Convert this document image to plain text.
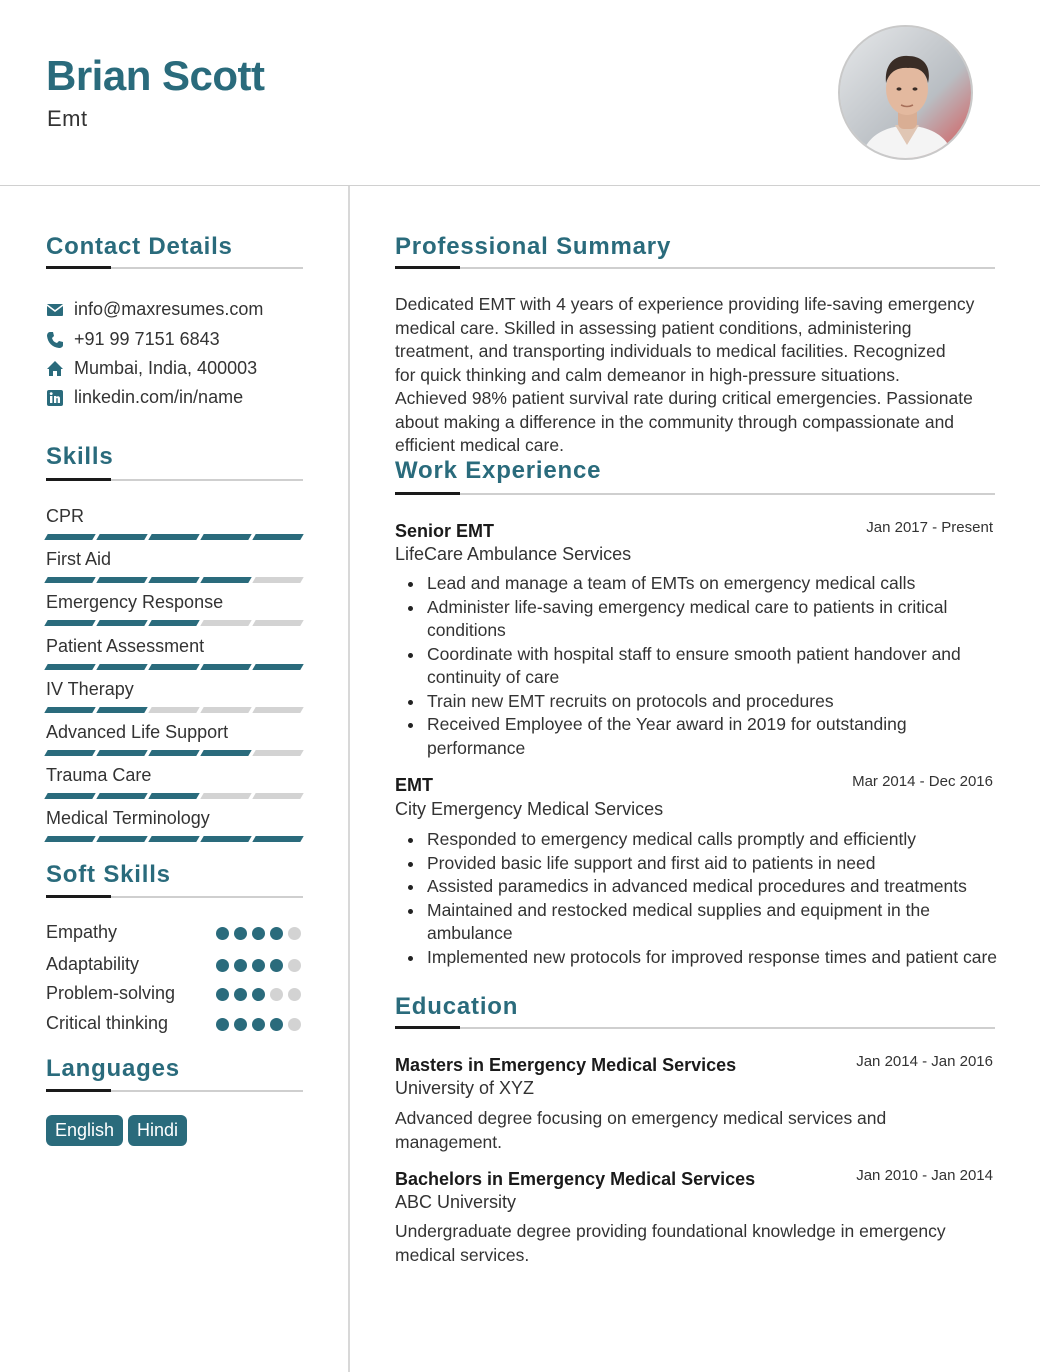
Brian Scott
Emt
Contact Details
info@maxresumes.com
+91 99 7151 6843
Mumbai, India, 400003
linkedin.com/in/name
Skills
CPR
First Aid
Emergency Response
Patient Assessment
IV Therapy
Advanced Life Support
Trauma Care
Medical Terminology
Soft Skills
Empathy
Adaptability
Problem-solving
Critical thinking
Languages
English	Hindi
Professional Summary
Dedicated EMT with 4 years of experience providing life-saving emergency
medical care. Skilled in assessing patient conditions, administering
treatment, and transporting individuals to medical facilities. Recognized
for quick thinking and calm demeanor in high-pressure situations.
Achieved 98% patient survival rate during critical emergencies. Passionate
about making a difference in the community through compassionate and
efficient medical care.
Work Experience
Senior EMT	Jan 2017 - Present
LifeCare Ambulance Services
Lead and manage a team of EMTs on emergency medical calls
Administer life-saving emergency medical care to patients in critical conditions
Coordinate with hospital staff to ensure smooth patient handover and continuity of care
Train new EMT recruits on protocols and procedures
Received Employee of the Year award in 2019 for outstanding performance
EMT	Mar 2014 - Dec 2016
City Emergency Medical Services
Responded to emergency medical calls promptly and efficiently
Provided basic life support and first aid to patients in need
Assisted paramedics in advanced medical procedures and treatments
Maintained and restocked medical supplies and equipment in the ambulance
Implemented new protocols for improved response times and patient care
Education
Masters in Emergency Medical Services	Jan 2014 - Jan 2016
University of XYZ
Advanced degree focusing on emergency medical services and management.
Bachelors in Emergency Medical Services	Jan 2010 - Jan 2014
ABC University
Undergraduate degree providing foundational knowledge in emergency medical services.
